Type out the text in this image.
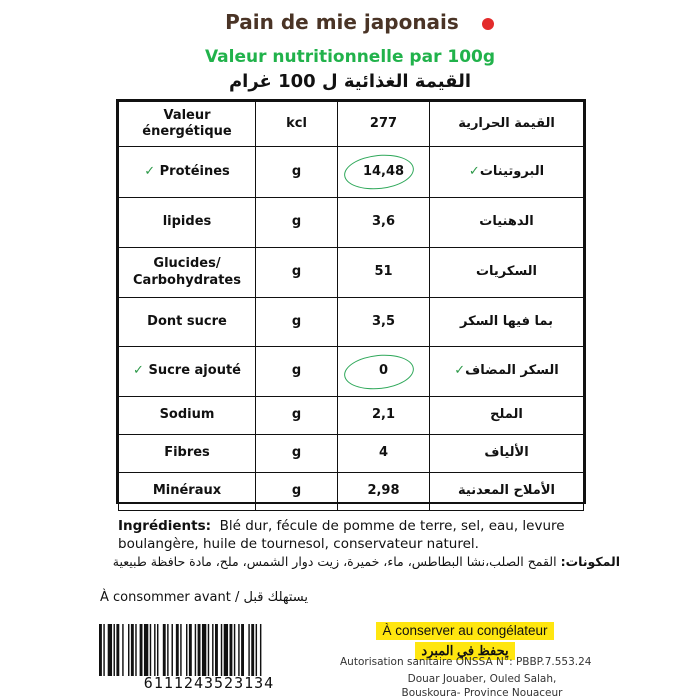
Pain de mie japonais
Valeur nutritionnelle par 100g
القيمة الغذائية ل 100 غرام
Valeur énergétique	kcl	277	القيمة الحرارية
✓ Protéines	g	14,48	البروتينات✓
lipides	g	3,6	الدهنيات
Glucides/ Carbohydrates	g	51	السكريات
Dont sucre	g	3,5	بما فيها السكر
✓ Sucre ajouté	g	0	السكر المضاف✓
Sodium	g	2,1	الملح
Fibres	g	4	الألياف
Minéraux	g	2,98	الأملاح المعدنية
Ingrédients: Blé dur, fécule de pomme de terre, sel, eau, levure boulangère, huile de tournesol, conservateur naturel.
المكونات: القمح الصلب،نشا البطاطس، ماء، خميرة، زيت دوار الشمس، ملح، مادة حافظة طبيعية
À consommer avant / يستهلك قبل
6111243523134
À conserver au congélateur
يحفظ في المبرد
Autorisation sanitaire ONSSA N°: PBBP.7.553.24
Douar Jouaber, Ouled Salah,
Bouskoura- Province Nouaceur
